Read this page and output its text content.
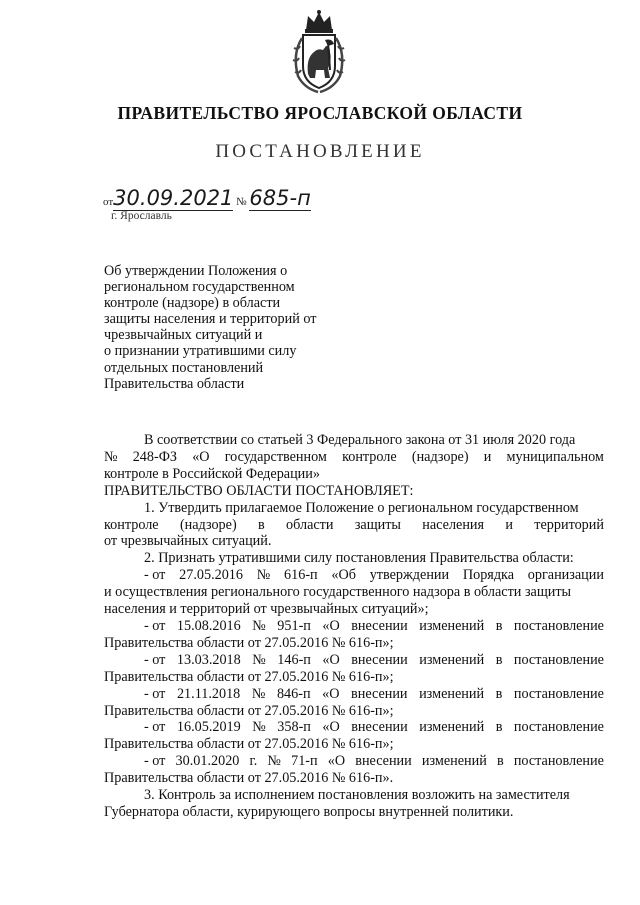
ПРАВИТЕЛЬСТВО ЯРОСЛАВСКОЙ ОБЛАСТИ
ПОСТАНОВЛЕНИЕ
от30.09.2021 № 685-п
г. Ярославль
Об утверждении Положения о
региональном государственном
контроле (надзоре) в области
защиты населения и территорий от
чрезвычайных ситуаций и
о признании утратившими силу
отдельных постановлений
Правительства области
В соответствии со статьей 3 Федерального закона от 31 июля 2020 года
№ 248-ФЗ «О государственном контроле (надзоре) и муниципальном
контроле в Российской Федерации»
ПРАВИТЕЛЬСТВО ОБЛАСТИ ПОСТАНОВЛЯЕТ:
1. Утвердить прилагаемое Положение о региональном государственном
контроле (надзоре) в области защиты населения и территорий
от чрезвычайных ситуаций.
2. Признать утратившими силу постановления Правительства области:
- от 27.05.2016 № 616-п «Об утверждении Порядка организации
и осуществления регионального государственного надзора в области защиты
населения и территорий от чрезвычайных ситуаций»;
- от 15.08.2016 № 951-п «О внесении изменений в постановление
Правительства области от 27.05.2016 № 616-п»;
- от 13.03.2018 № 146-п «О внесении изменений в постановление
Правительства области от 27.05.2016 № 616-п»;
- от 21.11.2018 № 846-п «О внесении изменений в постановление
Правительства области от 27.05.2016 № 616-п»;
- от 16.05.2019 № 358-п «О внесении изменений в постановление
Правительства области от 27.05.2016 № 616-п»;
- от 30.01.2020 г. № 71-п «О внесении изменений в постановление
Правительства области от 27.05.2016 № 616-п».
3. Контроль за исполнением постановления возложить на заместителя
Губернатора области, курирующего вопросы внутренней политики.
